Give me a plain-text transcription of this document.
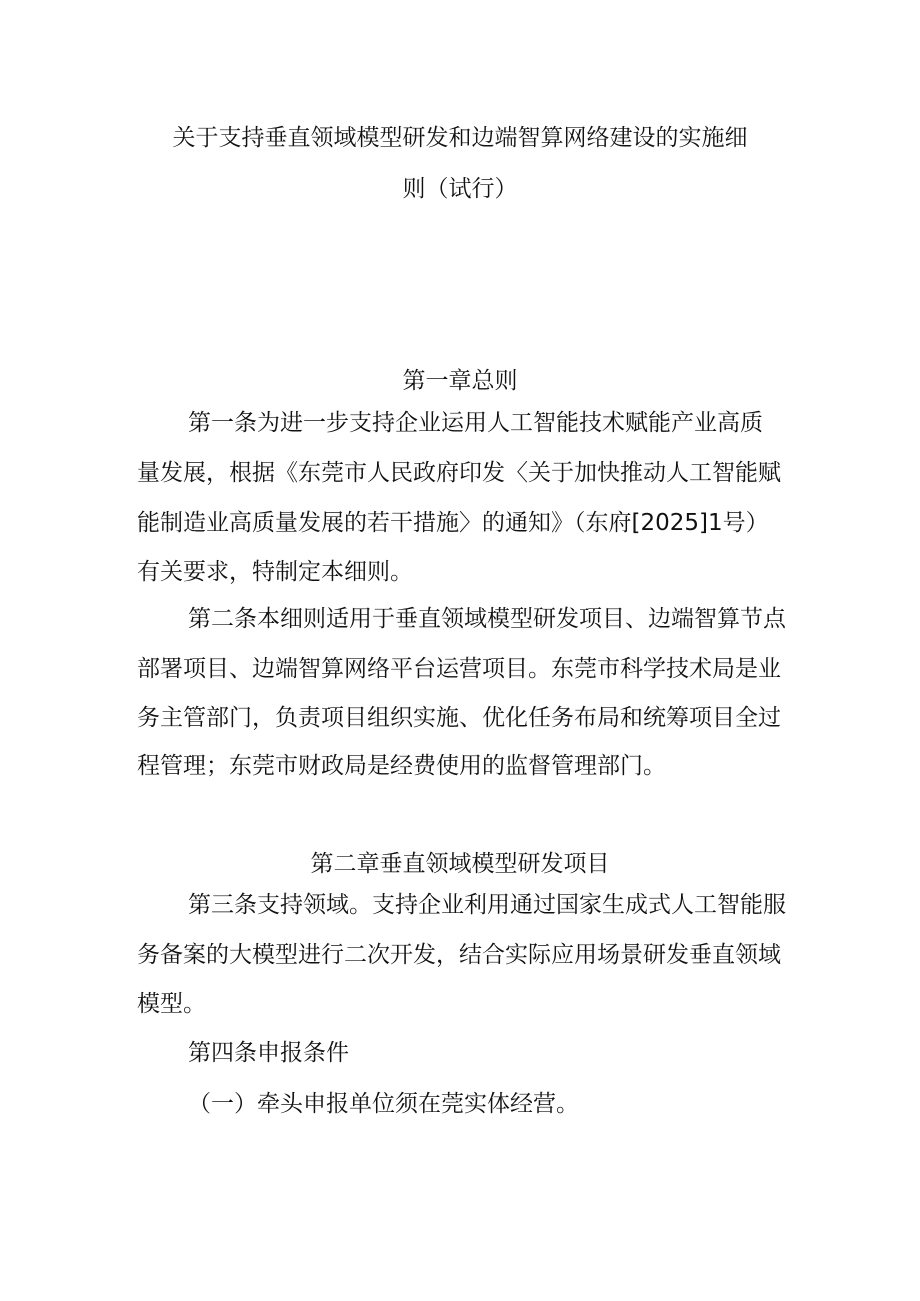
关于支持垂直领域模型研发和边端智算网络建设的实施细
则（试行）
第一章总则
第一条为进一步支持企业运用人工智能技术赋能产业高质
量发展，根据《东莞市人民政府印发〈关于加快推动人工智能赋
能制造业高质量发展的若干措施〉的通知》（东府[2025]1号）
有关要求，特制定本细则。
第二条本细则适用于垂直领域模型研发项目、边端智算节点
部署项目、边端智算网络平台运营项目。东莞市科学技术局是业
务主管部门，负责项目组织实施、优化任务布局和统筹项目全过
程管理；东莞市财政局是经费使用的监督管理部门。
第二章垂直领域模型研发项目
第三条支持领域。支持企业利用通过国家生成式人工智能服
务备案的大模型进行二次开发，结合实际应用场景研发垂直领域
模型。
第四条申报条件
（一）牵头申报单位须在莞实体经营。
